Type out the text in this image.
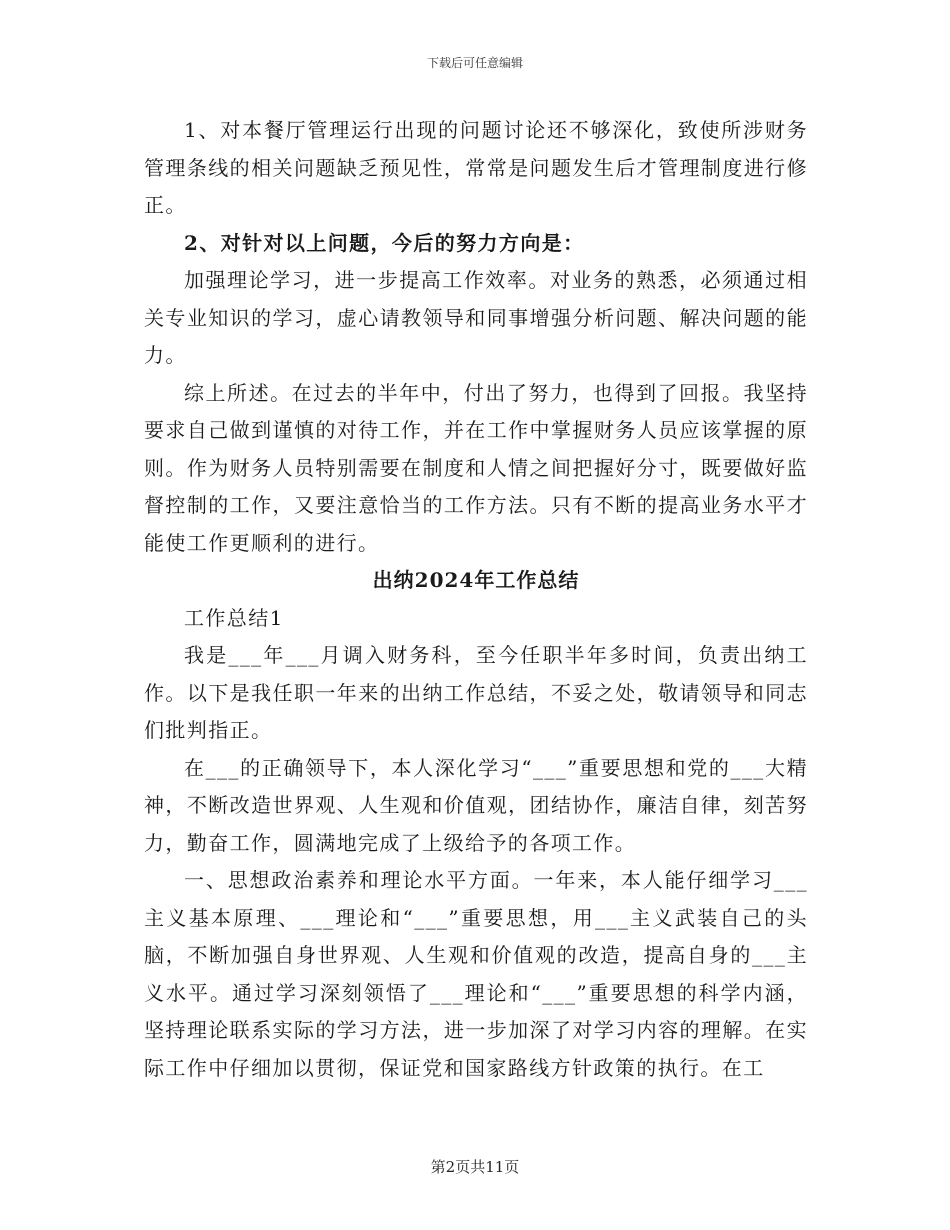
下载后可任意编辑

1、对本餐厅管理运行出现的问题讨论还不够深化，致使所涉财务管理条线的相关问题缺乏预见性，常常是问题发生后才管理制度进行修正。

2、对针对以上问题，今后的努力方向是：

加强理论学习，进一步提高工作效率。对业务的熟悉，必须通过相关专业知识的学习，虚心请教领导和同事增强分析问题、解决问题的能力。

综上所述。在过去的半年中，付出了努力，也得到了回报。我坚持要求自己做到谨慎的对待工作，并在工作中掌握财务人员应该掌握的原则。作为财务人员特别需要在制度和人情之间把握好分寸，既要做好监督控制的工作，又要注意恰当的工作方法。只有不断的提高业务水平才能使工作更顺利的进行。

出纳2024年工作总结

工作总结1

我是___年___月调入财务科，至今任职半年多时间，负责出纳工作。以下是我任职一年来的出纳工作总结，不妥之处，敬请领导和同志们批判指正。

在___的正确领导下，本人深化学习“___”重要思想和党的___大精神，不断改造世界观、人生观和价值观，团结协作，廉洁自律，刻苦努力，勤奋工作，圆满地完成了上级给予的各项工作。

一、思想政治素养和理论水平方面。一年来，本人能仔细学习___主义基本原理、___理论和“___”重要思想，用___主义武装自己的头脑，不断加强自身世界观、人生观和价值观的改造，提高自身的___主义水平。通过学习深刻领悟了___理论和“___”重要思想的科学内涵，坚持理论联系实际的学习方法，进一步加深了对学习内容的理解。在实际工作中仔细加以贯彻，保证党和国家路线方针政策的执行。在工

第2页共11页
